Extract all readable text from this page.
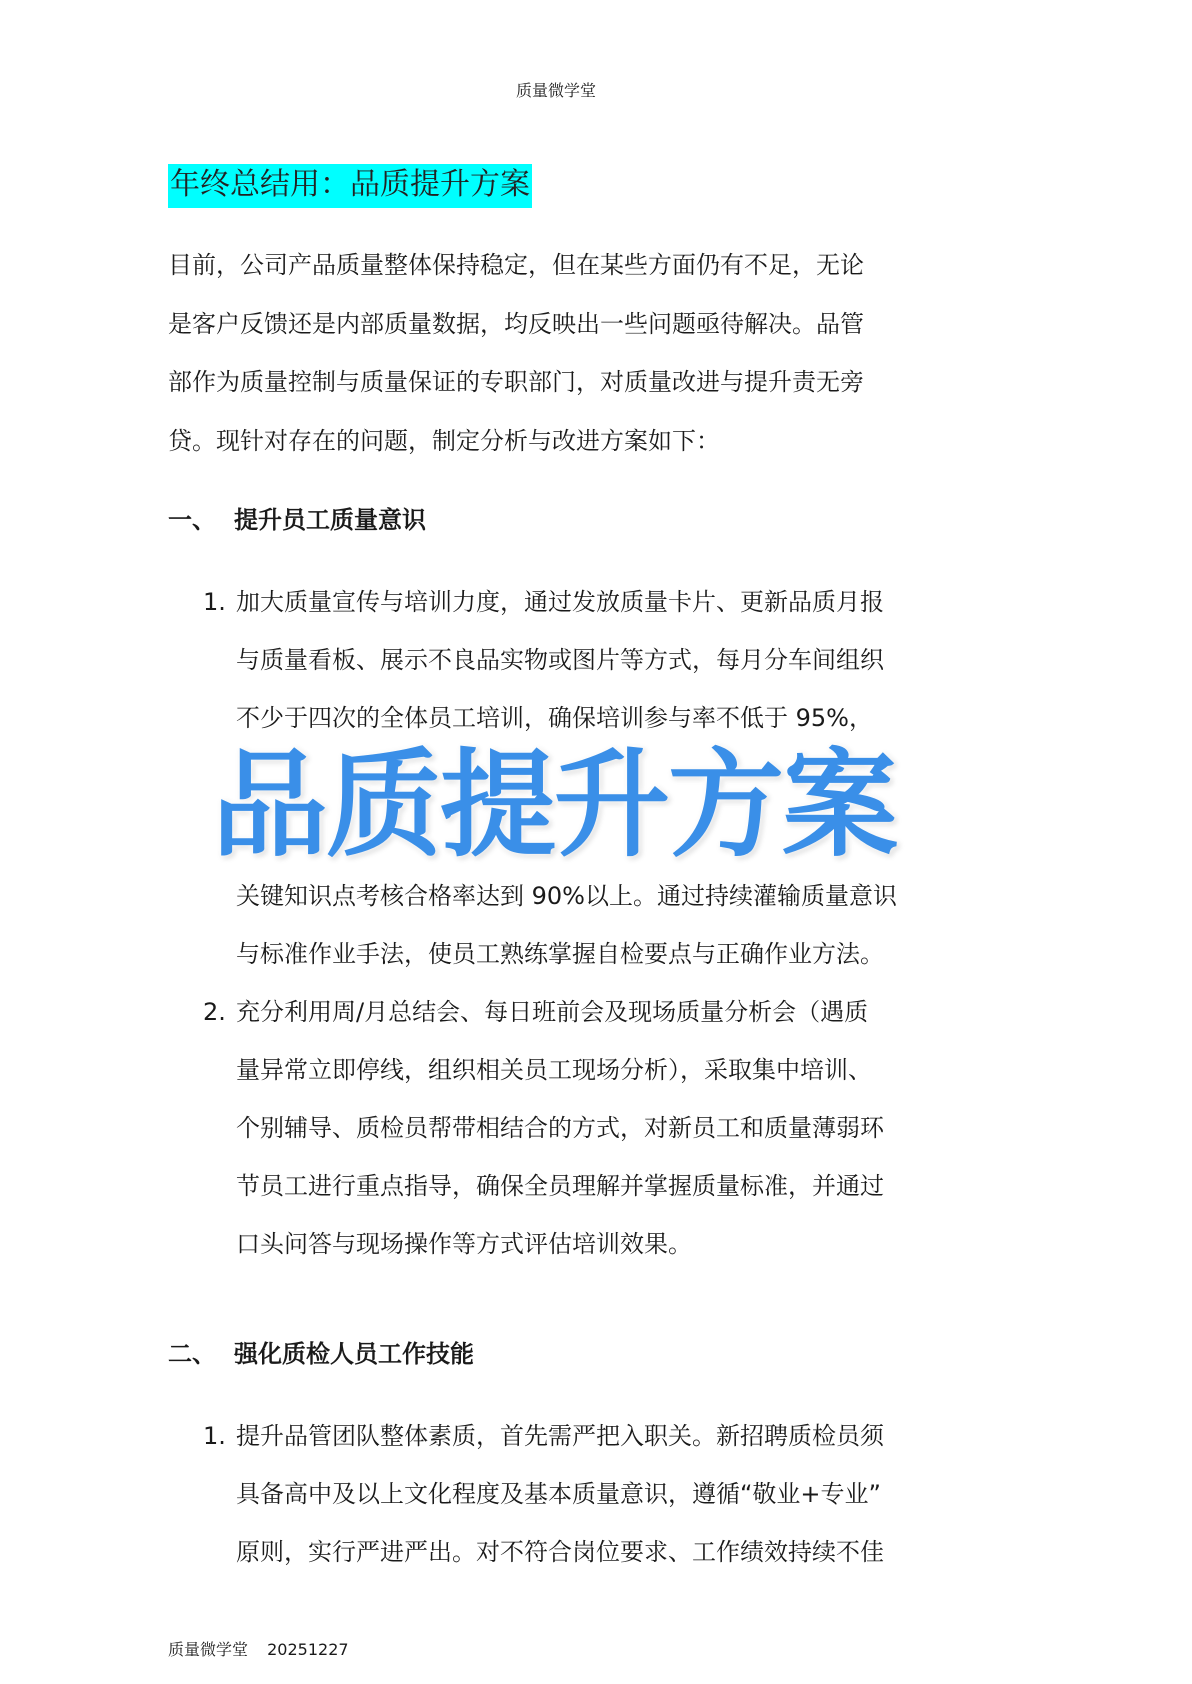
质量微学堂
年终总结用：品质提升方案
目前，公司产品质量整体保持稳定，但在某些方面仍有不足，无论
是客户反馈还是内部质量数据，均反映出一些问题亟待解决。品管
部作为质量控制与质量保证的专职部门，对质量改进与提升责无旁
贷。现针对存在的问题，制定分析与改进方案如下：
一、 提升员工质量意识
1. 加大质量宣传与培训力度，通过发放质量卡片、更新品质月报
与质量看板、展示不良品实物或图片等方式，每月分车间组织
不少于四次的全体员工培训，确保培训参与率不低于 95%，
关键知识点考核合格率达到 90%以上。通过持续灌输质量意识
与标准作业手法，使员工熟练掌握自检要点与正确作业方法。
2. 充分利用周/月总结会、每日班前会及现场质量分析会（遇质
量异常立即停线，组织相关员工现场分析），采取集中培训、
个别辅导、质检员帮带相结合的方式，对新员工和质量薄弱环
节员工进行重点指导，确保全员理解并掌握质量标准，并通过
口头问答与现场操作等方式评估培训效果。
二、 强化质检人员工作技能
1. 提升品管团队整体素质，首先需严把入职关。新招聘质检员须
具备高中及以上文化程度及基本质量意识，遵循“敬业+专业”
原则，实行严进严出。对不符合岗位要求、工作绩效持续不佳
品质提升方案
质量微学堂 20251227
